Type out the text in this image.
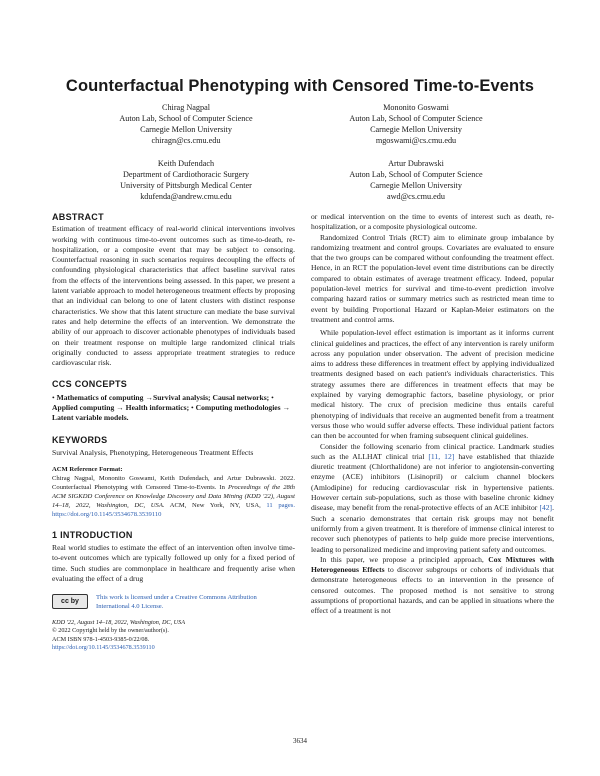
Counterfactual Phenotyping with Censored Time-to-Events
Chirag Nagpal
Auton Lab, School of Computer Science
Carnegie Mellon University
chiragn@cs.cmu.edu
Mononito Goswami
Auton Lab, School of Computer Science
Carnegie Mellon University
mgoswami@cs.cmu.edu
Keith Dufendach
Department of Cardiothoracic Surgery
University of Pittsburgh Medical Center
kdufenda@andrew.cmu.edu
Artur Dubrawski
Auton Lab, School of Computer Science
Carnegie Mellon University
awd@cs.cmu.edu
ABSTRACT

Estimation of treatment efficacy of real-world clinical interventions involves working with continuous time-to-event outcomes such as time-to-death, re-hospitalization, or a composite event that may be subject to censoring. Counterfactual reasoning in such scenarios requires decoupling the effects of confounding physiological characteristics that affect baseline survival rates from the effects of the interventions being assessed. In this paper, we present a latent variable approach to model heterogeneous treatment effects by proposing that an individual can belong to one of latent clusters with distinct response characteristics. We show that this latent structure can mediate the base survival rates and help determine the effects of an intervention. We demonstrate the ability of our approach to discover actionable phenotypes of individuals based on their treatment response on multiple large randomized clinical trials originally conducted to assess appropriate treatment strategies to reduce cardiovascular risk.

CCS CONCEPTS

• Mathematics of computing →Survival analysis; Causal networks; • Applied computing → Health informatics; • Computing methodologies → Latent variable models.

KEYWORDS

Survival Analysis, Phenotyping, Heterogeneous Treatment Effects

ACM Reference Format:

Chirag Nagpal, Mononito Goswami, Keith Dufendach, and Artur Dubrawski. 2022. Counterfactual Phenotyping with Censored Time-to-Events. In Proceedings of the 28th ACM SIGKDD Conference on Knowledge Discovery and Data Mining (KDD '22), August 14–18, 2022, Washington, DC, USA. ACM, New York, NY, USA, 11 pages. https://doi.org/10.1145/3534678.3539110

1 INTRODUCTION

Real world studies to estimate the effect of an intervention often involve time-to-event outcomes which are typically followed up only for a fixed period of time. Such studies are commonplace in healthcare and frequently arise when evaluating the effect of a drug

cc by
This work is licensed under a Creative Commons Attribution
International 4.0 License.
KDD '22, August 14–18, 2022, Washington, DC, USA
© 2022 Copyright held by the owner/author(s).
ACM ISBN 978-1-4503-9385-0/22/08.
https://doi.org/10.1145/3534678.3539110

or medical intervention on the time to events of interest such as death, re-hospitalization, or a composite physiological outcome.

Randomized Control Trials (RCT) aim to eliminate group imbalance by randomizing treatment and control groups. Covariates are evaluated to ensure that the two groups can be compared without confounding the treatment effect. Hence, in an RCT the population-level event time distributions can be directly compared to obtain estimates of average treatment efficacy. Indeed, popular population-level metrics for survival and time-to-event prediction involve comparing hazard ratios or summary metrics such as restricted mean time to event by building Proportional Hazard or Kaplan-Meier estimators on the treatment and control arms.

While population-level effect estimation is important as it informs current clinical guidelines and practices, the effect of any intervention is rarely uniform across any population under observation. The advent of precision medicine aims to address these differences in treatment effect by applying individualized treatments designed based on each patient's individuals characteristics. This strategy assumes there are differences in treatment effects that may be explained by varying demographic factors, baseline physiology, or prior medical history. The crux of precision medicine thus entails careful phenotyping of individuals that receive an augmented benefit from a treatment versus those who would suffer adverse effects. These individual patient factors can then be accounted for when framing subsequent clinical guidelines.

Consider the following scenario from clinical practice. Landmark studies such as the ALLHAT clinical trial [11, 12] have established that thiazide diuretic treatment (Chlorthalidone) are not inferior to angiotensin-converting enzyme (ACE) inhibitors (Lisinopril) or calcium channel blockers (Amlodipine) for reducing cardiovascular risk in hypertensive patients. However certain sub-populations, such as those with baseline chronic kidney disease, may benefit from the renal-protective effects of an ACE inhibitor [42]. Such a scenario demonstrates that certain risk groups may not benefit uniformly from a given treatment. It is therefore of immense clinical interest to recover such phenotypes of patients to help guide more precise interventions, leading to personalized medicine and improving patient safety and outcomes.

In this paper, we propose a principled approach, Cox Mixtures with Heterogeneous Effects to discover subgroups or cohorts of individuals that demonstrate heterogeneous effects to an intervention in the presence of censored outcomes. The proposed method is not sensitive to strong assumptions of proportional hazards, and can be applied in situations where the effect of a treatment is not

3634
